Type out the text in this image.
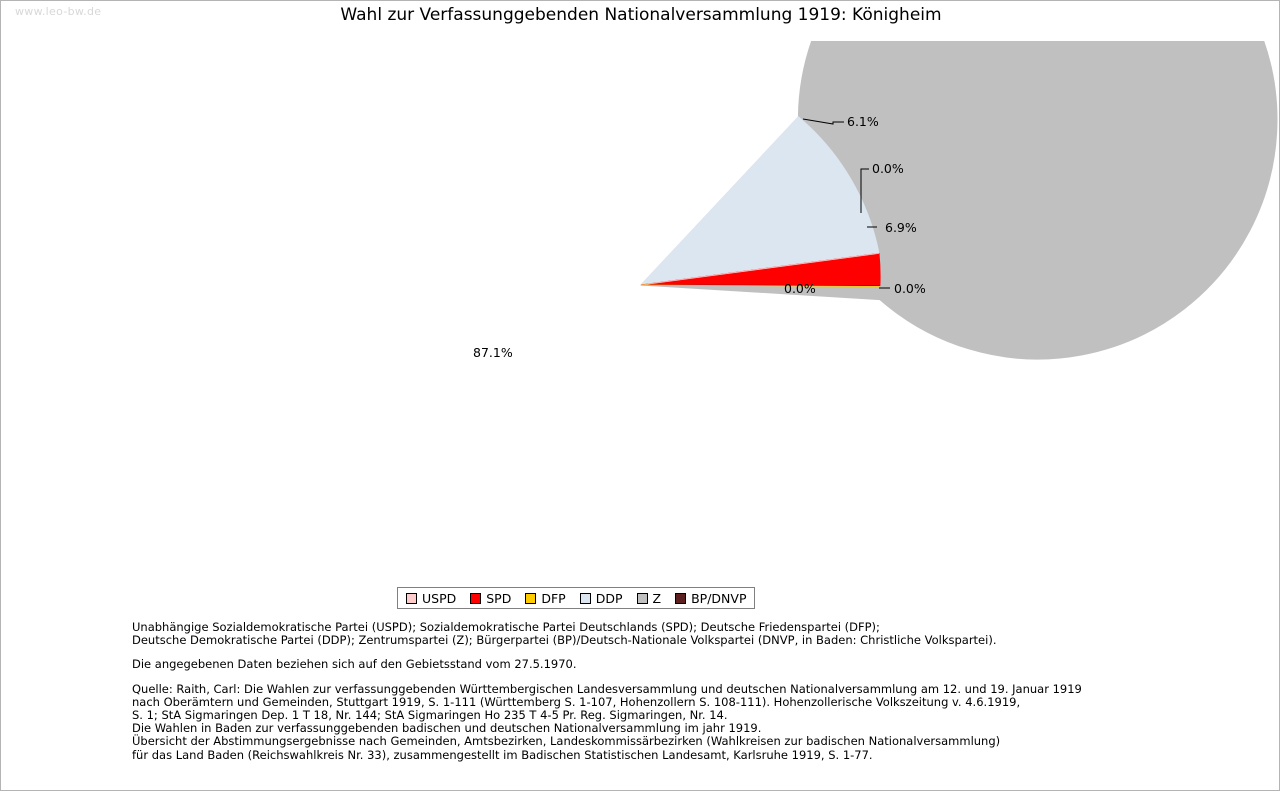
www.leo-bw.de	Wahl zur Verfassunggebenden Nationalversammlung 1919: Königheim
6.1%
0.0%
6.9%
0.0%
0.0%
87.1%
USPD SPD DFP DDP Z BP/DNVP
Unabhängige Sozialdemokratische Partei (USPD); Sozialdemokratische Partei Deutschlands (SPD); Deutsche Friedenspartei (DFP);
Deutsche Demokratische Partei (DDP); Zentrumspartei (Z); Bürgerpartei (BP)/Deutsch-Nationale Volkspartei (DNVP, in Baden: Christliche Volkspartei).
Die angegebenen Daten beziehen sich auf den Gebietsstand vom 27.5.1970.
Quelle: Raith, Carl: Die Wahlen zur verfassunggebenden Württembergischen Landesversammlung und deutschen Nationalversammlung am 12. und 19. Januar 1919
nach Oberämtern und Gemeinden, Stuttgart 1919, S. 1-111 (Württemberg S. 1-107, Hohenzollern S. 108-111). Hohenzollerische Volkszeitung v. 4.6.1919,
S. 1; StA Sigmaringen Dep. 1 T 18, Nr. 144; StA Sigmaringen Ho 235 T 4-5 Pr. Reg. Sigmaringen, Nr. 14.
Die Wahlen in Baden zur verfassunggebenden badischen und deutschen Nationalversammlung im jahr 1919.
Übersicht der Abstimmungsergebnisse nach Gemeinden, Amtsbezirken, Landeskommissärbezirken (Wahlkreisen zur badischen Nationalversammlung)
für das Land Baden (Reichswahlkreis Nr. 33), zusammengestellt im Badischen Statistischen Landesamt, Karlsruhe 1919, S. 1-77.
